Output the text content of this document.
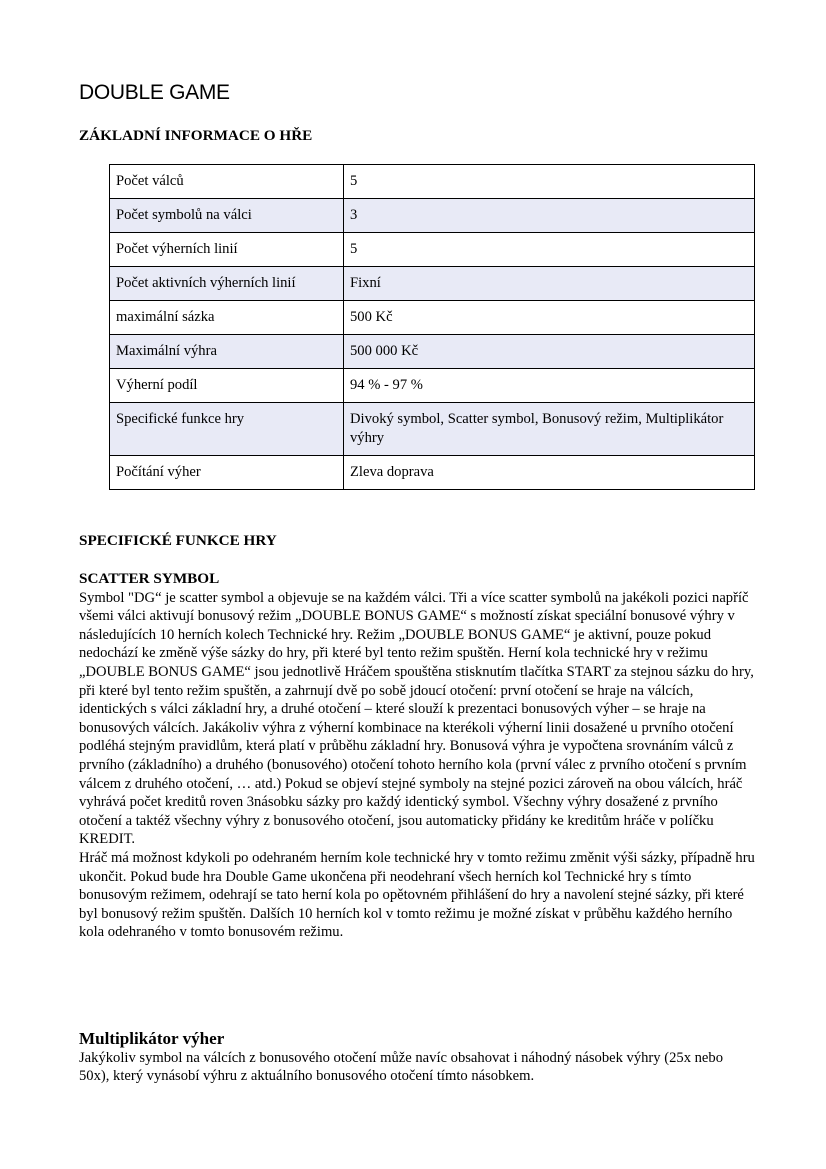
DOUBLE GAME
ZÁKLADNÍ INFORMACE O HŘE
Počet válců	5
Počet symbolů na válci	3
Počet výherních linií	5
Počet aktivních výherních linií	Fixní
maximální sázka	500 Kč
Maximální výhra	500 000 Kč
Výherní podíl	94 % - 97 %
Specifické funkce hry	Divoký symbol, Scatter symbol, Bonusový režim, Multiplikátor výhry
Počítání výher	Zleva doprava
SPECIFICKÉ FUNKCE HRY
SCATTER SYMBOL

Symbol "DG“ je scatter symbol a objevuje se na každém válci. Tři a více scatter symbolů na jakékoli pozici napříč všemi válci aktivují bonusový režim „DOUBLE BONUS GAME“ s možností získat speciální bonusové výhry v následujících 10 herních kolech Technické hry. Režim „DOUBLE BONUS GAME“ je aktivní, pouze pokud nedochází ke změně výše sázky do hry, při které byl tento režim spuštěn. Herní kola technické hry v režimu „DOUBLE BONUS GAME“ jsou jednotlivě Hráčem spouštěna stisknutím tlačítka START za stejnou sázku do hry, při které byl tento režim spuštěn, a zahrnují dvě po sobě jdoucí otočení: první otočení se hraje na válcích, identických s válci základní hry, a druhé otočení – které slouží k prezentaci bonusových výher – se hraje na bonusových válcích. Jakákoliv výhra z výherní kombinace na kterékoli výherní linii dosažené u prvního otočení podléhá stejným pravidlům, která platí v průběhu základní hry. Bonusová výhra je vypočtena srovnáním válců z prvního (základního) a druhého (bonusového) otočení tohoto herního kola (první válec z prvního otočení s prvním válcem z druhého otočení, … atd.) Pokud se objeví stejné symboly na stejné pozici zároveň na obou válcích, hráč vyhrává počet kreditů roven 3násobku sázky pro každý identický symbol. Všechny výhry dosažené z prvního otočení a taktéž všechny výhry z bonusového otočení, jsou automaticky přidány ke kreditům hráče v políčku KREDIT.

Hráč má možnost kdykoli po odehraném herním kole technické hry v tomto režimu změnit výši sázky, případně hru ukončit. Pokud bude hra Double Game ukončena při neodehraní všech herních kol Technické hry s tímto bonusovým režimem, odehrají se tato herní kola po opětovném přihlášení do hry a navolení stejné sázky, při které byl bonusový režim spuštěn. Dalších 10 herních kol v tomto režimu je možné získat v průběhu každého herního kola odehraného v tomto bonusovém režimu.

Multiplikátor výher

Jakýkoliv symbol na válcích z bonusového otočení může navíc obsahovat i náhodný násobek výhry (25x nebo 50x), který vynásobí výhru z aktuálního bonusového otočení tímto násobkem.
